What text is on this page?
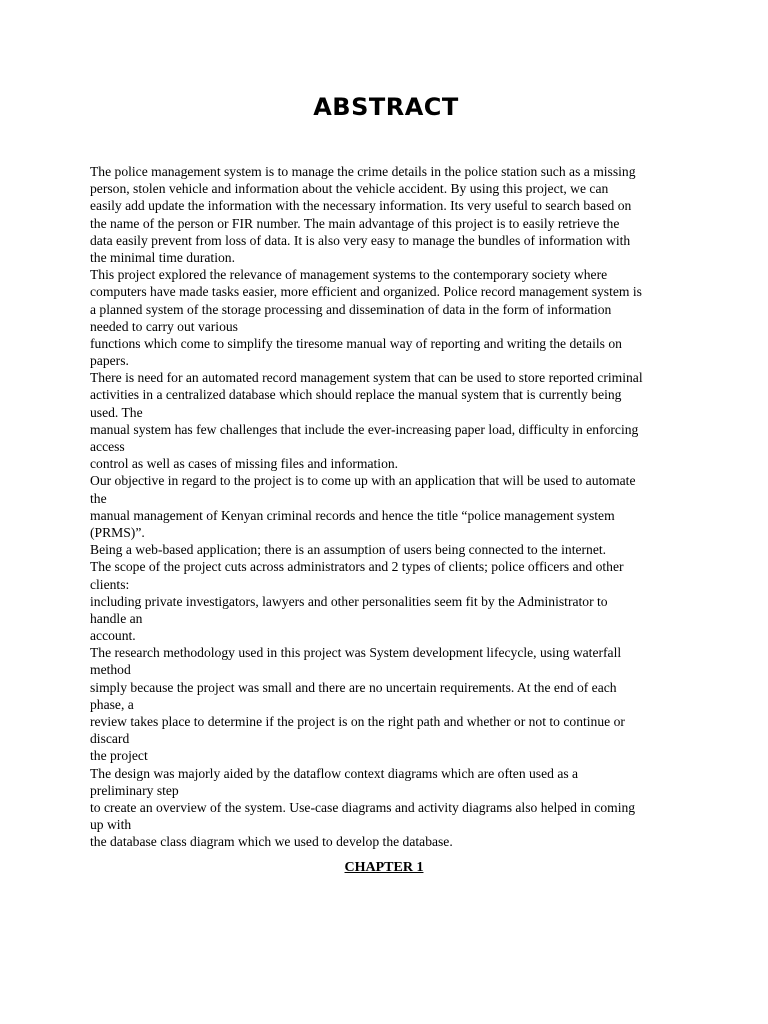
ABSTRACT
The police management system is to manage the crime details in the police station such as a missing
person, stolen vehicle and information about the vehicle accident. By using this project, we can
easily add update the information with the necessary information. Its very useful to search based on
the name of the person or FIR number. The main advantage of this project is to easily retrieve the
data easily prevent from loss of data. It is also very easy to manage the bundles of information with
the minimal time duration.
This project explored the relevance of management systems to the contemporary society where
computers have made tasks easier, more efficient and organized. Police record management system is
a planned system of the storage processing and dissemination of data in the form of information
needed to carry out various
functions which come to simplify the tiresome manual way of reporting and writing the details on
papers.
There is need for an automated record management system that can be used to store reported criminal
activities in a centralized database which should replace the manual system that is currently being
used. The
manual system has few challenges that include the ever-increasing paper load, difficulty in enforcing
access
control as well as cases of missing files and information.
Our objective in regard to the project is to come up with an application that will be used to automate
the
manual management of Kenyan criminal records and hence the title “police management system
(PRMS)”.
Being a web-based application; there is an assumption of users being connected to the internet.
The scope of the project cuts across administrators and 2 types of clients; police officers and other
clients:
including private investigators, lawyers and other personalities seem fit by the Administrator to
handle an
account.
The research methodology used in this project was System development lifecycle, using waterfall
method
simply because the project was small and there are no uncertain requirements. At the end of each
phase, a
review takes place to determine if the project is on the right path and whether or not to continue or
discard
the project
The design was majorly aided by the dataflow context diagrams which are often used as a
preliminary step
to create an overview of the system. Use-case diagrams and activity diagrams also helped in coming
up with
the database class diagram which we used to develop the database.
CHAPTER 1
